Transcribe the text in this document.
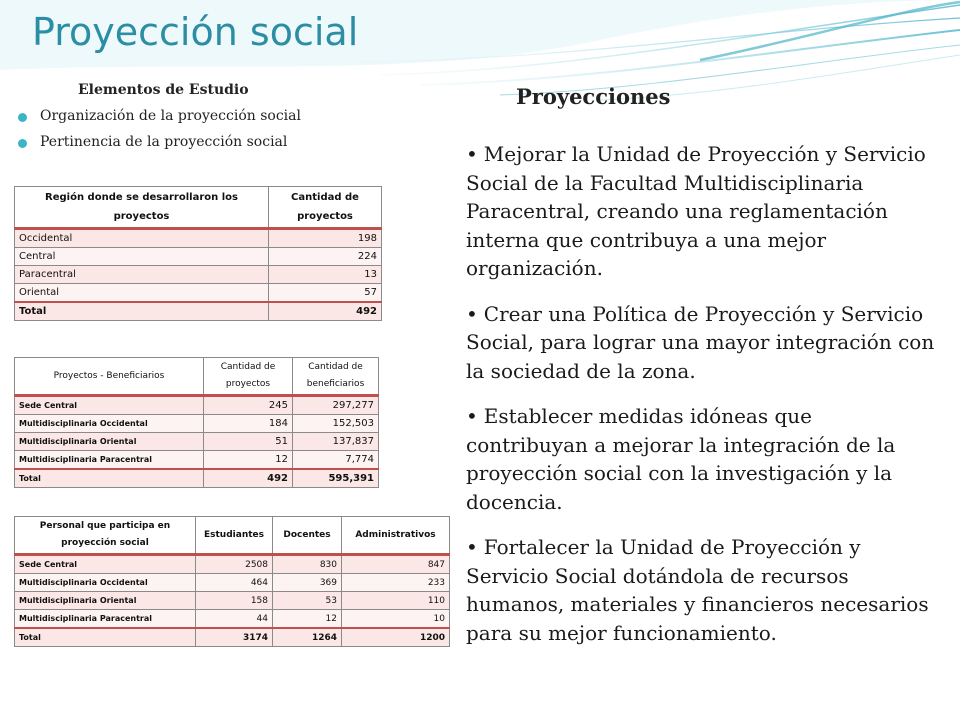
Proyección social
Elementos de Estudio
Organización de la proyección social
Pertinencia de la proyección social
Región donde se desarrollaron los proyectos	Cantidad de proyectos
Occidental	198
Central	224
Paracentral	13
Oriental	57
Total	492
Proyectos - Beneficiarios	Cantidad de proyectos	Cantidad de beneficiarios
Sede Central	245	297,277
Multidisciplinaria Occidental	184	152,503
Multidisciplinaria Oriental	51	137,837
Multidisciplinaria Paracentral	12	7,774
Total	492	595,391
Personal que participa en proyección social	Estudiantes	Docentes	Administrativos
Sede Central	2508	830	847
Multidisciplinaria Occidental	464	369	233
Multidisciplinaria Oriental	158	53	110
Multidisciplinaria Paracentral	44	12	10
Total	3174	1264	1200
Proyecciones
• Mejorar la Unidad de Proyección y Servicio Social de la Facultad Multidisciplinaria Paracentral, creando una reglamentación interna que contribuya a una mejor organización.
• Crear una Política de Proyección y Servicio Social, para lograr una mayor integración con la sociedad de la zona.
• Establecer medidas idóneas que contribuyan a mejorar la integración de la proyección social con la investigación y la docencia.
• Fortalecer la Unidad de Proyección y Servicio Social dotándola de recursos humanos, materiales y financieros necesarios para su mejor funcionamiento.
